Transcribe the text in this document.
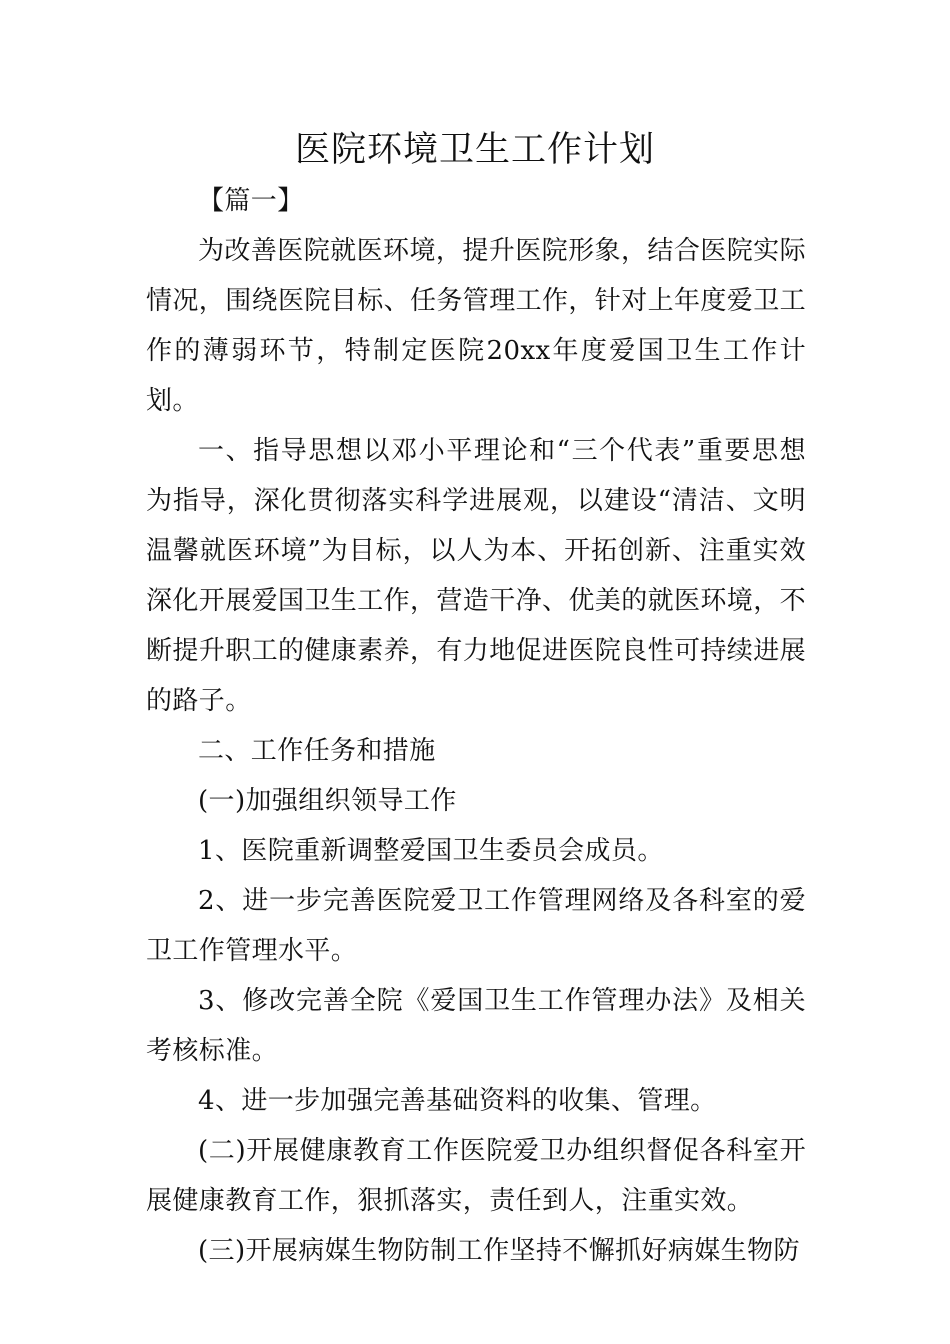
医院环境卫生工作计划

【篇一】

为改善医院就医环境，提升医院形象，结合医院实际情况，围绕医院目标、任务管理工作，针对上年度爱卫工作的薄弱环节，特制定医院20xx年度爱国卫生工作计划。

一、指导思想以邓小平理论和“三个代表”重要思想为指导，深化贯彻落实科学进展观，以建设“清洁、文明温馨就医环境”为目标，以人为本、开拓创新、注重实效深化开展爱国卫生工作，营造干净、优美的就医环境，不断提升职工的健康素养，有力地促进医院良性可持续进展的路子。

二、工作任务和措施

(一)加强组织领导工作

1、医院重新调整爱国卫生委员会成员。

2、进一步完善医院爱卫工作管理网络及各科室的爱卫工作管理水平。

3、修改完善全院《爱国卫生工作管理办法》及相关考核标准。

4、进一步加强完善基础资料的收集、管理。

(二)开展健康教育工作医院爱卫办组织督促各科室开展健康教育工作，狠抓落实，责任到人，注重实效。

(三)开展病媒生物防制工作坚持不懈抓好病媒生物防
